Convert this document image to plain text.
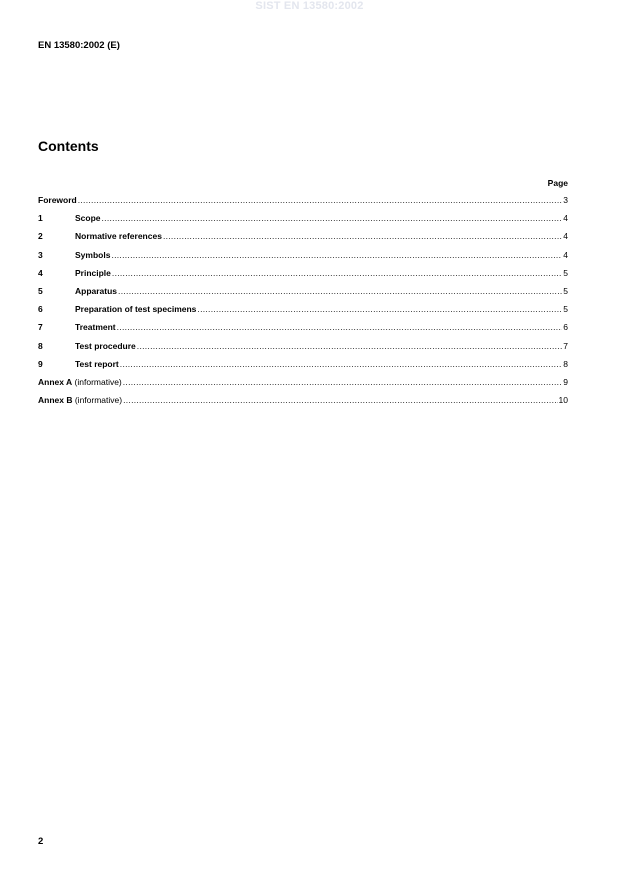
SIST EN 13580:2002
EN 13580:2002 (E)
Contents
Page
Foreword .....	3
1	Scope .....	4
2	Normative references .....	4
3	Symbols .....	4
4	Principle .....	5
5	Apparatus .....	5
6	Preparation of test specimens .....	5
7	Treatment .....	6
8	Test procedure .....	7
9	Test report .....	8
Annex A (informative) .....	9
Annex B (informative) .....	10
2
